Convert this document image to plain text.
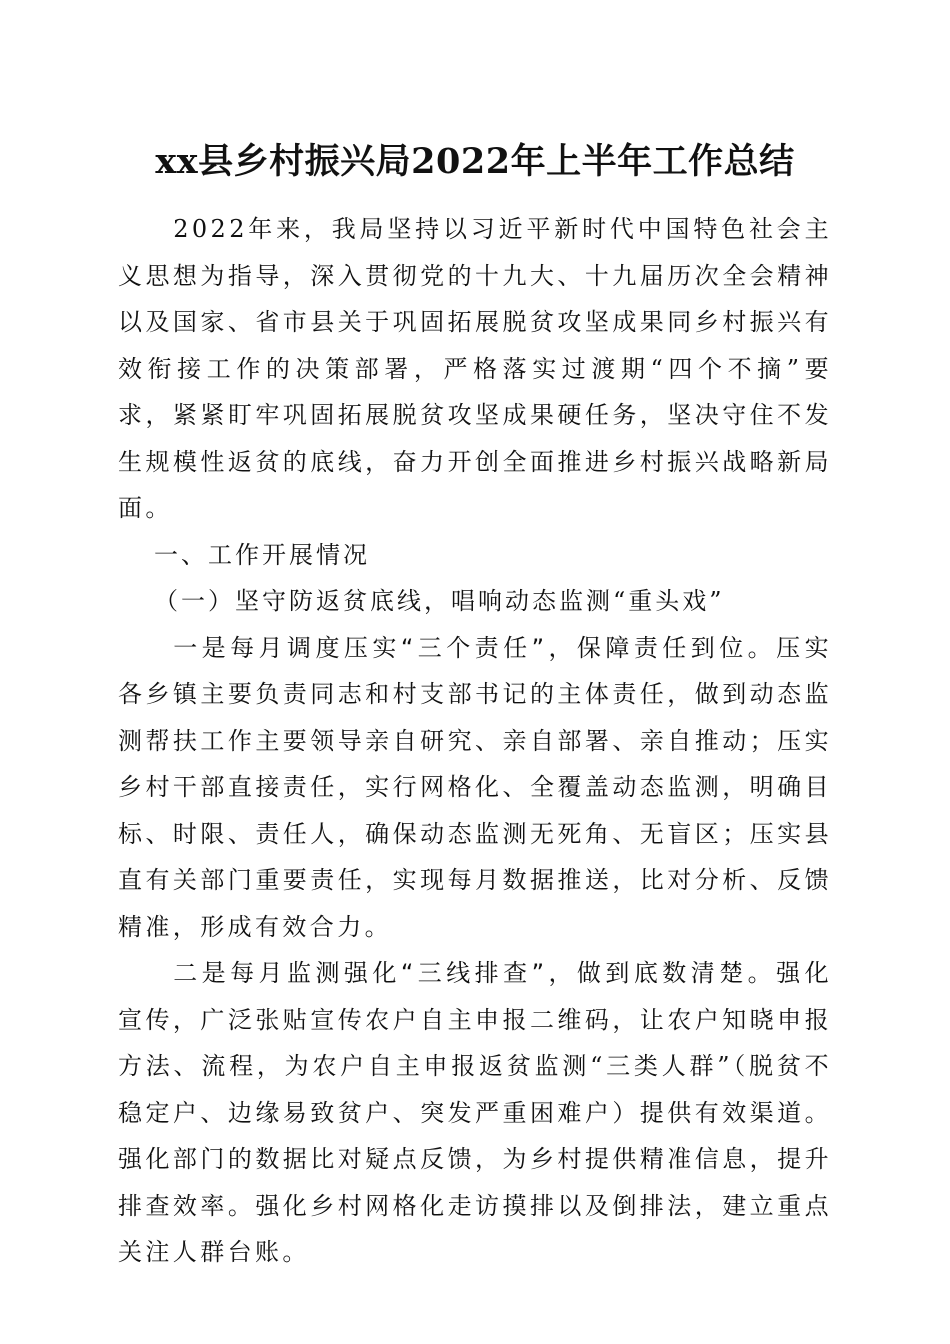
xx县乡村振兴局2022年上半年工作总结

2022年来，我局坚持以习近平新时代中国特色社会主义思想为指导，深入贯彻党的十九大、十九届历次全会精神以及国家、省市县关于巩固拓展脱贫攻坚成果同乡村振兴有效衔接工作的决策部署，严格落实过渡期“四个不摘”要求，紧紧盯牢巩固拓展脱贫攻坚成果硬任务，坚决守住不发生规模性返贫的底线，奋力开创全面推进乡村振兴战略新局面。

一、工作开展情况

（一）坚守防返贫底线，唱响动态监测“重头戏”

一是每月调度压实“三个责任”，保障责任到位。压实各乡镇主要负责同志和村支部书记的主体责任，做到动态监测帮扶工作主要领导亲自研究、亲自部署、亲自推动；压实乡村干部直接责任，实行网格化、全覆盖动态监测，明确目标、时限、责任人，确保动态监测无死角、无盲区；压实县直有关部门重要责任，实现每月数据推送，比对分析、反馈精准，形成有效合力。

二是每月监测强化“三线排查”，做到底数清楚。强化宣传，广泛张贴宣传农户自主申报二维码，让农户知晓申报方法、流程，为农户自主申报返贫监测“三类人群”（脱贫不稳定户、边缘易致贫户、突发严重困难户）提供有效渠道。强化部门的数据比对疑点反馈，为乡村提供精准信息，提升排查效率。强化乡村网格化走访摸排以及倒排法，建立重点关注人群台账。
